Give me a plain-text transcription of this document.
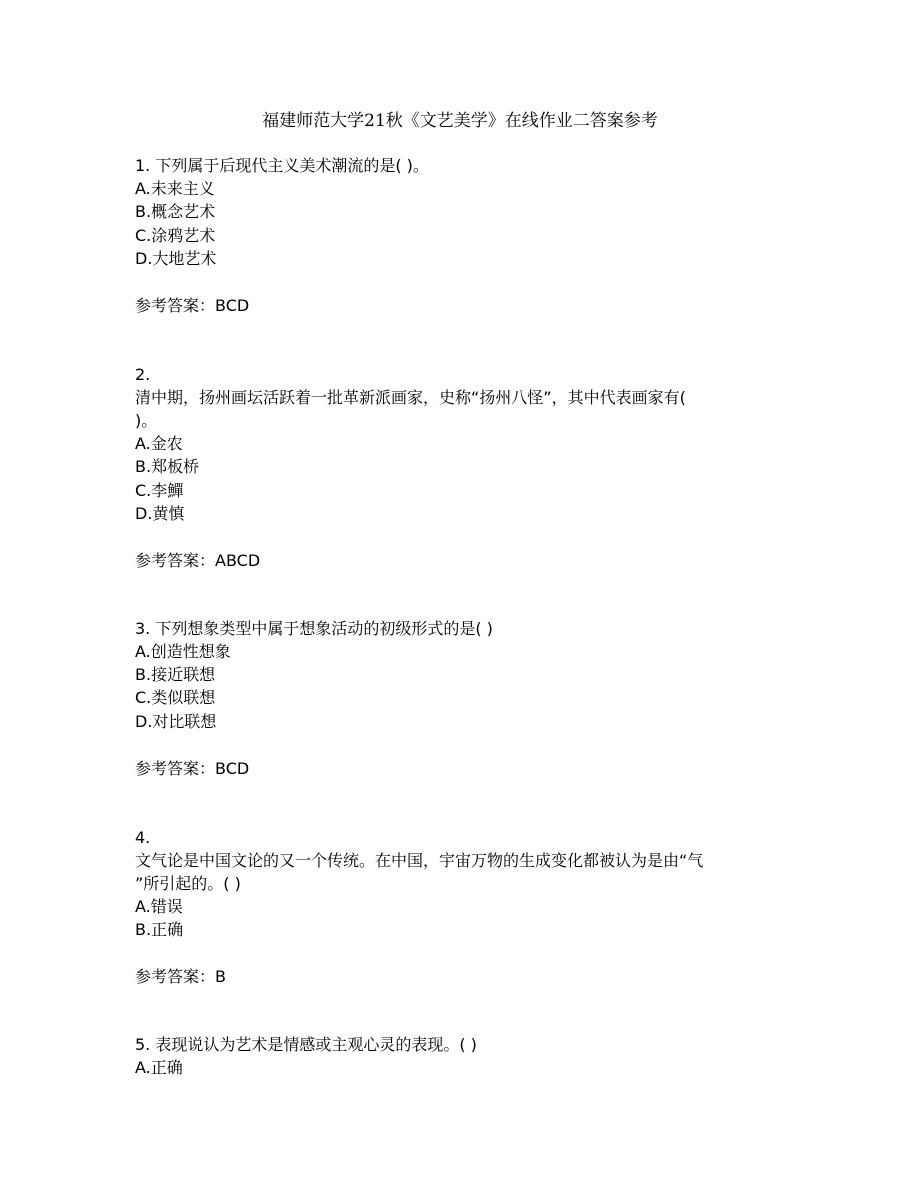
福建师范大学21秋《文艺美学》在线作业二答案参考
1. 下列属于后现代主义美术潮流的是( )。
A.未来主义
B.概念艺术
C.涂鸦艺术
D.大地艺术
参考答案：BCD
2.
清中期，扬州画坛活跃着一批革新派画家，史称“扬州八怪”，其中代表画家有(
)。
A.金农
B.郑板桥
C.李鱓
D.黄慎
参考答案：ABCD
3. 下列想象类型中属于想象活动的初级形式的是( )
A.创造性想象
B.接近联想
C.类似联想
D.对比联想
参考答案：BCD
4.
文气论是中国文论的又一个传统。在中国，宇宙万物的生成变化都被认为是由“气
”所引起的。( )
A.错误
B.正确
参考答案：B
5. 表现说认为艺术是情感或主观心灵的表现。( )
A.正确
